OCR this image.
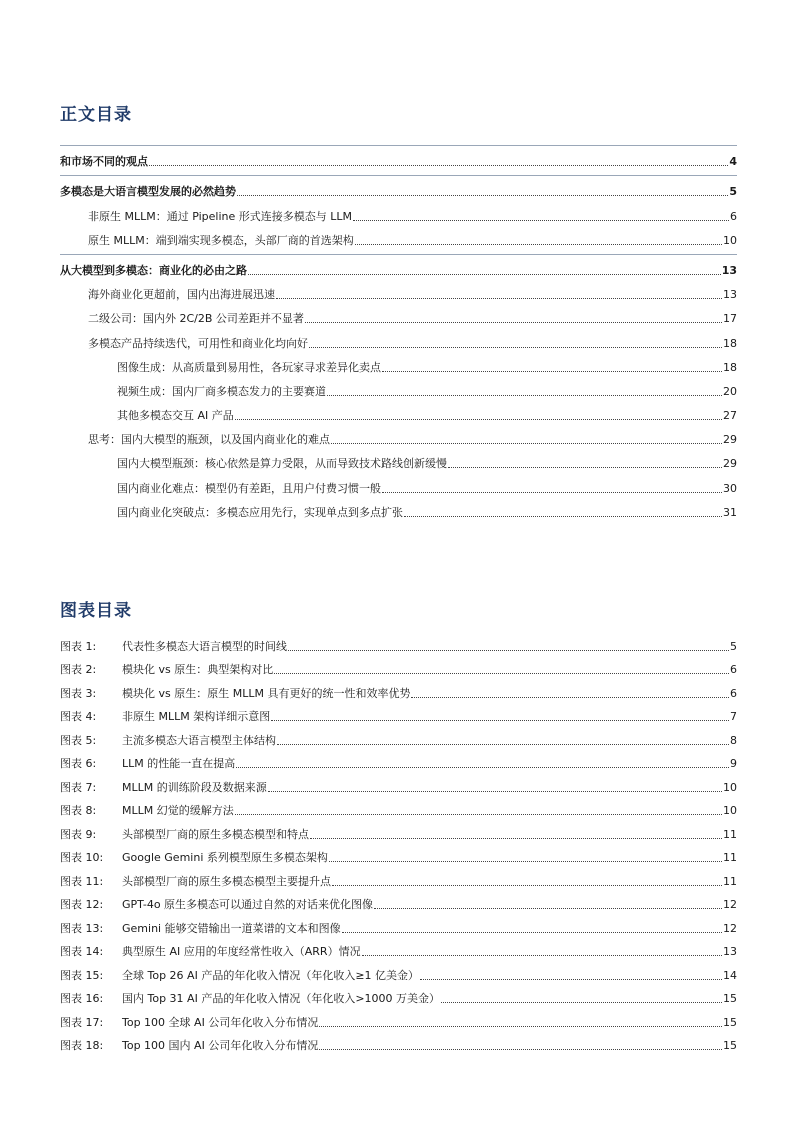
正文目录
和市场不同的观点	4
多模态是大语言模型发展的必然趋势	5
非原生 MLLM：通过 Pipeline 形式连接多模态与 LLM	6
原生 MLLM：端到端实现多模态，头部厂商的首选架构	10
从大模型到多模态：商业化的必由之路	13
海外商业化更超前，国内出海进展迅速	13
二级公司：国内外 2C/2B 公司差距并不显著	17
多模态产品持续迭代，可用性和商业化均向好	18
图像生成：从高质量到易用性，各玩家寻求差异化卖点	18
视频生成：国内厂商多模态发力的主要赛道	20
其他多模态交互 AI 产品	27
思考：国内大模型的瓶颈，以及国内商业化的难点	29
国内大模型瓶颈：核心依然是算力受限，从而导致技术路线创新缓慢	29
国内商业化难点：模型仍有差距，且用户付费习惯一般	30
国内商业化突破点：多模态应用先行，实现单点到多点扩张	31
图表目录
图表 1: 代表性多模态大语言模型的时间线	5
图表 2: 模块化 vs 原生：典型架构对比	6
图表 3: 模块化 vs 原生：原生 MLLM 具有更好的统一性和效率优势	6
图表 4: 非原生 MLLM 架构详细示意图	7
图表 5: 主流多模态大语言模型主体结构	8
图表 6: LLM 的性能一直在提高	9
图表 7: MLLM 的训练阶段及数据来源	10
图表 8: MLLM 幻觉的缓解方法	10
图表 9: 头部模型厂商的原生多模态模型和特点	11
图表 10: Google Gemini 系列模型原生多模态架构	11
图表 11: 头部模型厂商的原生多模态模型主要提升点	11
图表 12: GPT-4o 原生多模态可以通过自然的对话来优化图像	12
图表 13: Gemini 能够交错输出一道菜谱的文本和图像	12
图表 14: 典型原生 AI 应用的年度经常性收入（ARR）情况	13
图表 15: 全球 Top 26 AI 产品的年化收入情况（年化收入≥1 亿美金）	14
图表 16: 国内 Top 31 AI 产品的年化收入情况（年化收入>1000 万美金）	15
图表 17: Top 100 全球 AI 公司年化收入分布情况	15
图表 18: Top 100 国内 AI 公司年化收入分布情况	15
